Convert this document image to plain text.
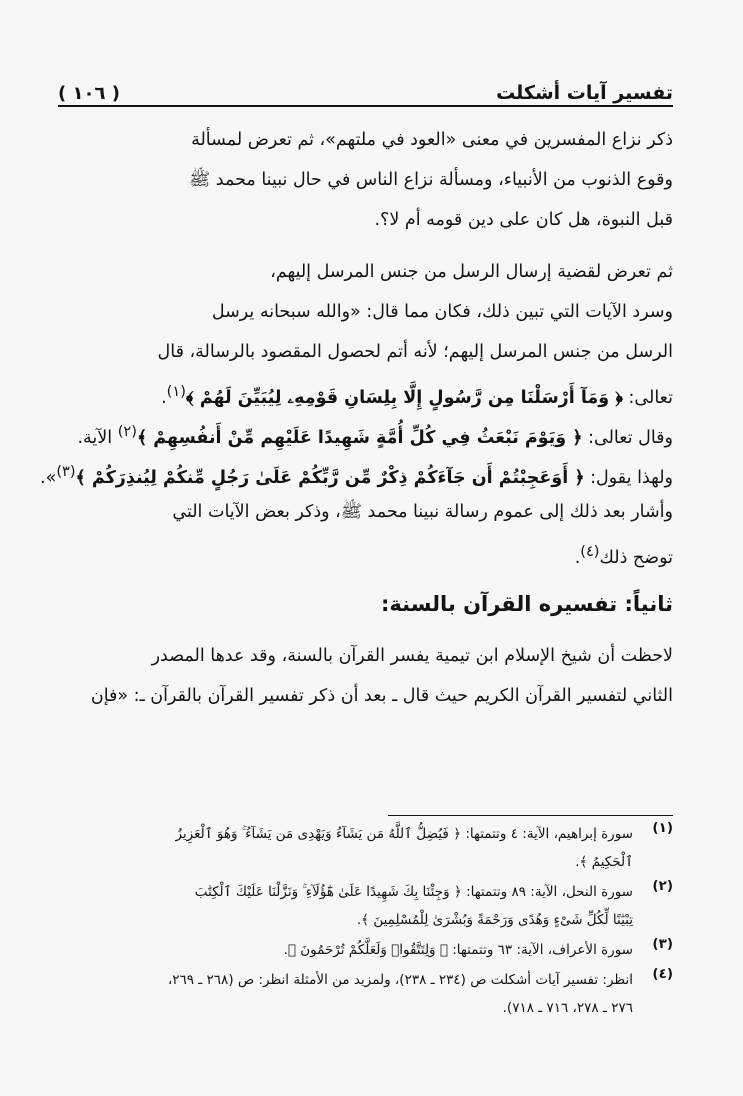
تفسير آيات أشكلت
( ١٠٦ )
ذكر نزاع المفسرين في معنى «العود في ملتهم»، ثم تعرض لمسألة
وقوع الذنوب من الأنبياء، ومسألة نزاع الناس في حال نبينا محمد ﷺ
قبل النبوة، هل كان على دين قومه أم لا؟.
ثم تعرض لقضية إرسال الرسل من جنس المرسل إليهم،
وسرد الآيات التي تبين ذلك، فكان مما قال: «والله سبحانه يرسل
الرسل من جنس المرسل إليهم؛ لأنه أتم لحصول المقصود بالرسالة، قال
تعالى: ﴿ وَمَآ أَرْسَلْنَا مِن رَّسُولٍ إِلَّا بِلِسَانِ قَوْمِهِۦ لِيُبَيِّنَ لَهُمْ ﴾$^{(١)}$.
وقال تعالى: ﴿ وَيَوْمَ نَبْعَثُ فِي كُلِّ أُمَّةٍ شَهِيدًا عَلَيْهِم مِّنْ أَنفُسِهِمْ ﴾$^{(٢)}$ الآية.
ولهذا يقول: ﴿ أَوَعَجِبْتُمْ أَن جَآءَكُمْ ذِكْرٌ مِّن رَّبِّكُمْ عَلَىٰ رَجُلٍ مِّنكُمْ لِيُنذِرَكُمْ ﴾$^{(٣)}$».
وأشار بعد ذلك إلى عموم رسالة نبينا محمد ﷺ، وذكر بعض الآيات التي
توضح ذلك$^{(٤)}$.
ثانياً: تفسيره القرآن بالسنة:
لاحظت أن شيخ الإسلام ابن تيمية يفسر القرآن بالسنة، وقد عدها المصدر
الثاني لتفسير القرآن الكريم حيث قال ـ بعد أن ذكر تفسير القرآن بالقرآن ـ: «فإن
(١)
سورة إبراهيم، الآية: ٤ وتتمتها: ﴿ فَيُضِلُّ ٱللَّهُ مَن يَشَآءُ وَيَهْدِى مَن يَشَآءُ ۚ وَهُوَ ٱلْعَزِيزُ
ٱلْحَكِيمُ ﴾.
(٢)
سورة النحل، الآية: ٨٩ وتتمتها: ﴿ وَجِئْنَا بِكَ شَهِيدًا عَلَىٰ هَٰٓؤُلَآءِ ۚ وَنَزَّلْنَا عَلَيْكَ ٱلْكِتَٰبَ
تِبْيَٰنًا لِّكُلِّ شَىْءٍ وَهُدًى وَرَحْمَةً وَبُشْرَىٰ لِلْمُسْلِمِينَ ﴾.
(٣)
سورة الأعراف، الآية: ٦٣ وتتمتها: ﴿ وَلِتَتَّقُوا۟ وَلَعَلَّكُمْ تُرْحَمُونَ ﴾.
(٤)
انظر: تفسير آيات أشكلت ص (٢٣٤ ـ ٢٣٨)، ولمزيد من الأمثلة انظر: ص (٢٦٨ ـ ٢٦٩،
٢٧٦ ـ ٢٧٨، ٧١٦ ـ ٧١٨).
